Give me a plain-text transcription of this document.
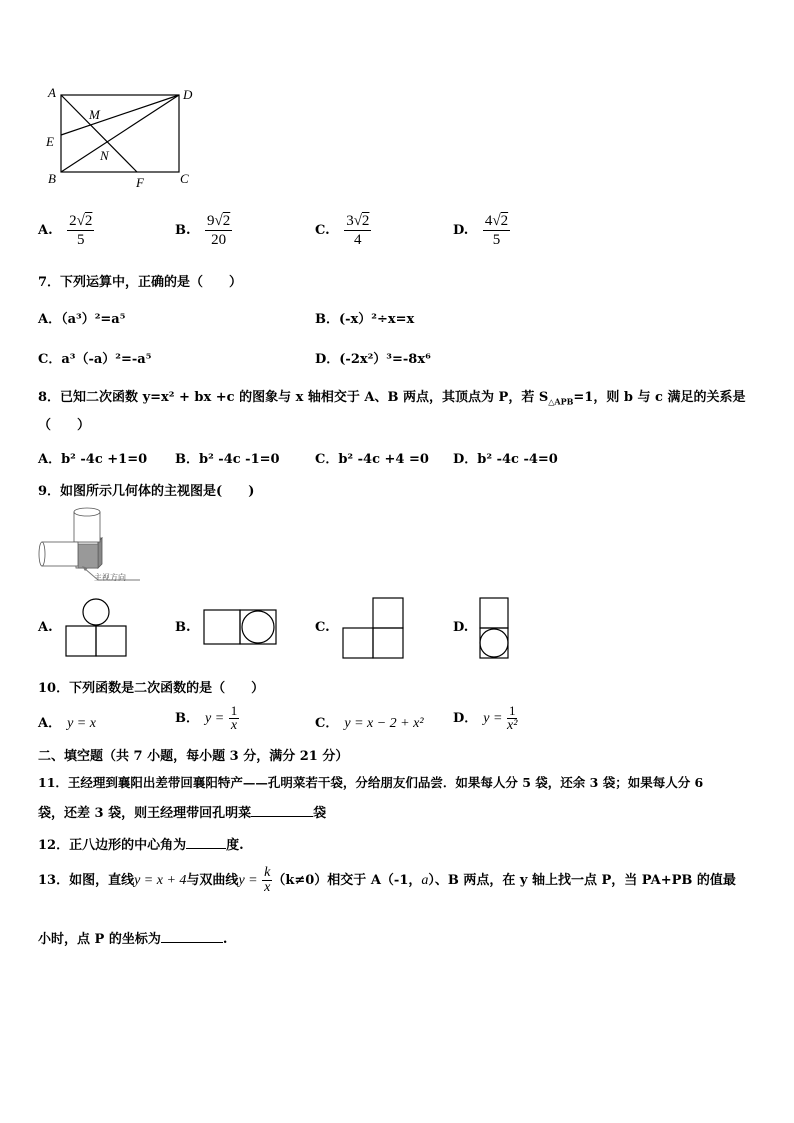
A	D
M
E
N
B	F	C
A. $\frac{2√2}{5}$	B. $\frac{9√2}{20}$	C. $\frac{3√2}{4}$	D. $\frac{4√2}{5}$
7．下列运算中，正确的是（　　）
A．（a³）²=a⁵	B．(-x）²÷x=x
C．a³（-a）²=-a⁵	D．(-2x²）³=-8x⁶
8．已知二次函数 y=x² + bx +c 的图象与 x 轴相交于 A、B 两点，其顶点为 P，若 $S_{\triangle APB}=1$，则 b 与 c 满足的关系是
（　　）
A．b² -4c +1=0 B．b² -4c -1=0	C．b² -4c +4 =0 D．b² -4c -4=0
9．如图所示几何体的主视图是(　　)
主视方向
A.	B.	C.	D.
10．下列函数是二次函数的是（　　）
A． y = x	B． $y = \frac{1}{x}$	C． y = x − 2 + x² D． $y = \frac{1}{\text{x²}}$
二、填空题（共 7 小题，每小题 3 分，满分 21 分）
11．王经理到襄阳出差带回襄阳特产——孔明菜若干袋，分给朋友们品尝．如果每人分 5 袋，还余 3 袋；如果每人分 6
袋，还差 3 袋，则王经理带回孔明菜	袋
12．正八边形的中心角为	度.
13．如图，直线y = x + 4与双曲线$y = \frac{k}{x} (k\ne 0)$相交于 A（-1，a）、B 两点，在 y 轴上找一点 P，当 PA+PB 的值最
小时，点 P 的坐标为	.
